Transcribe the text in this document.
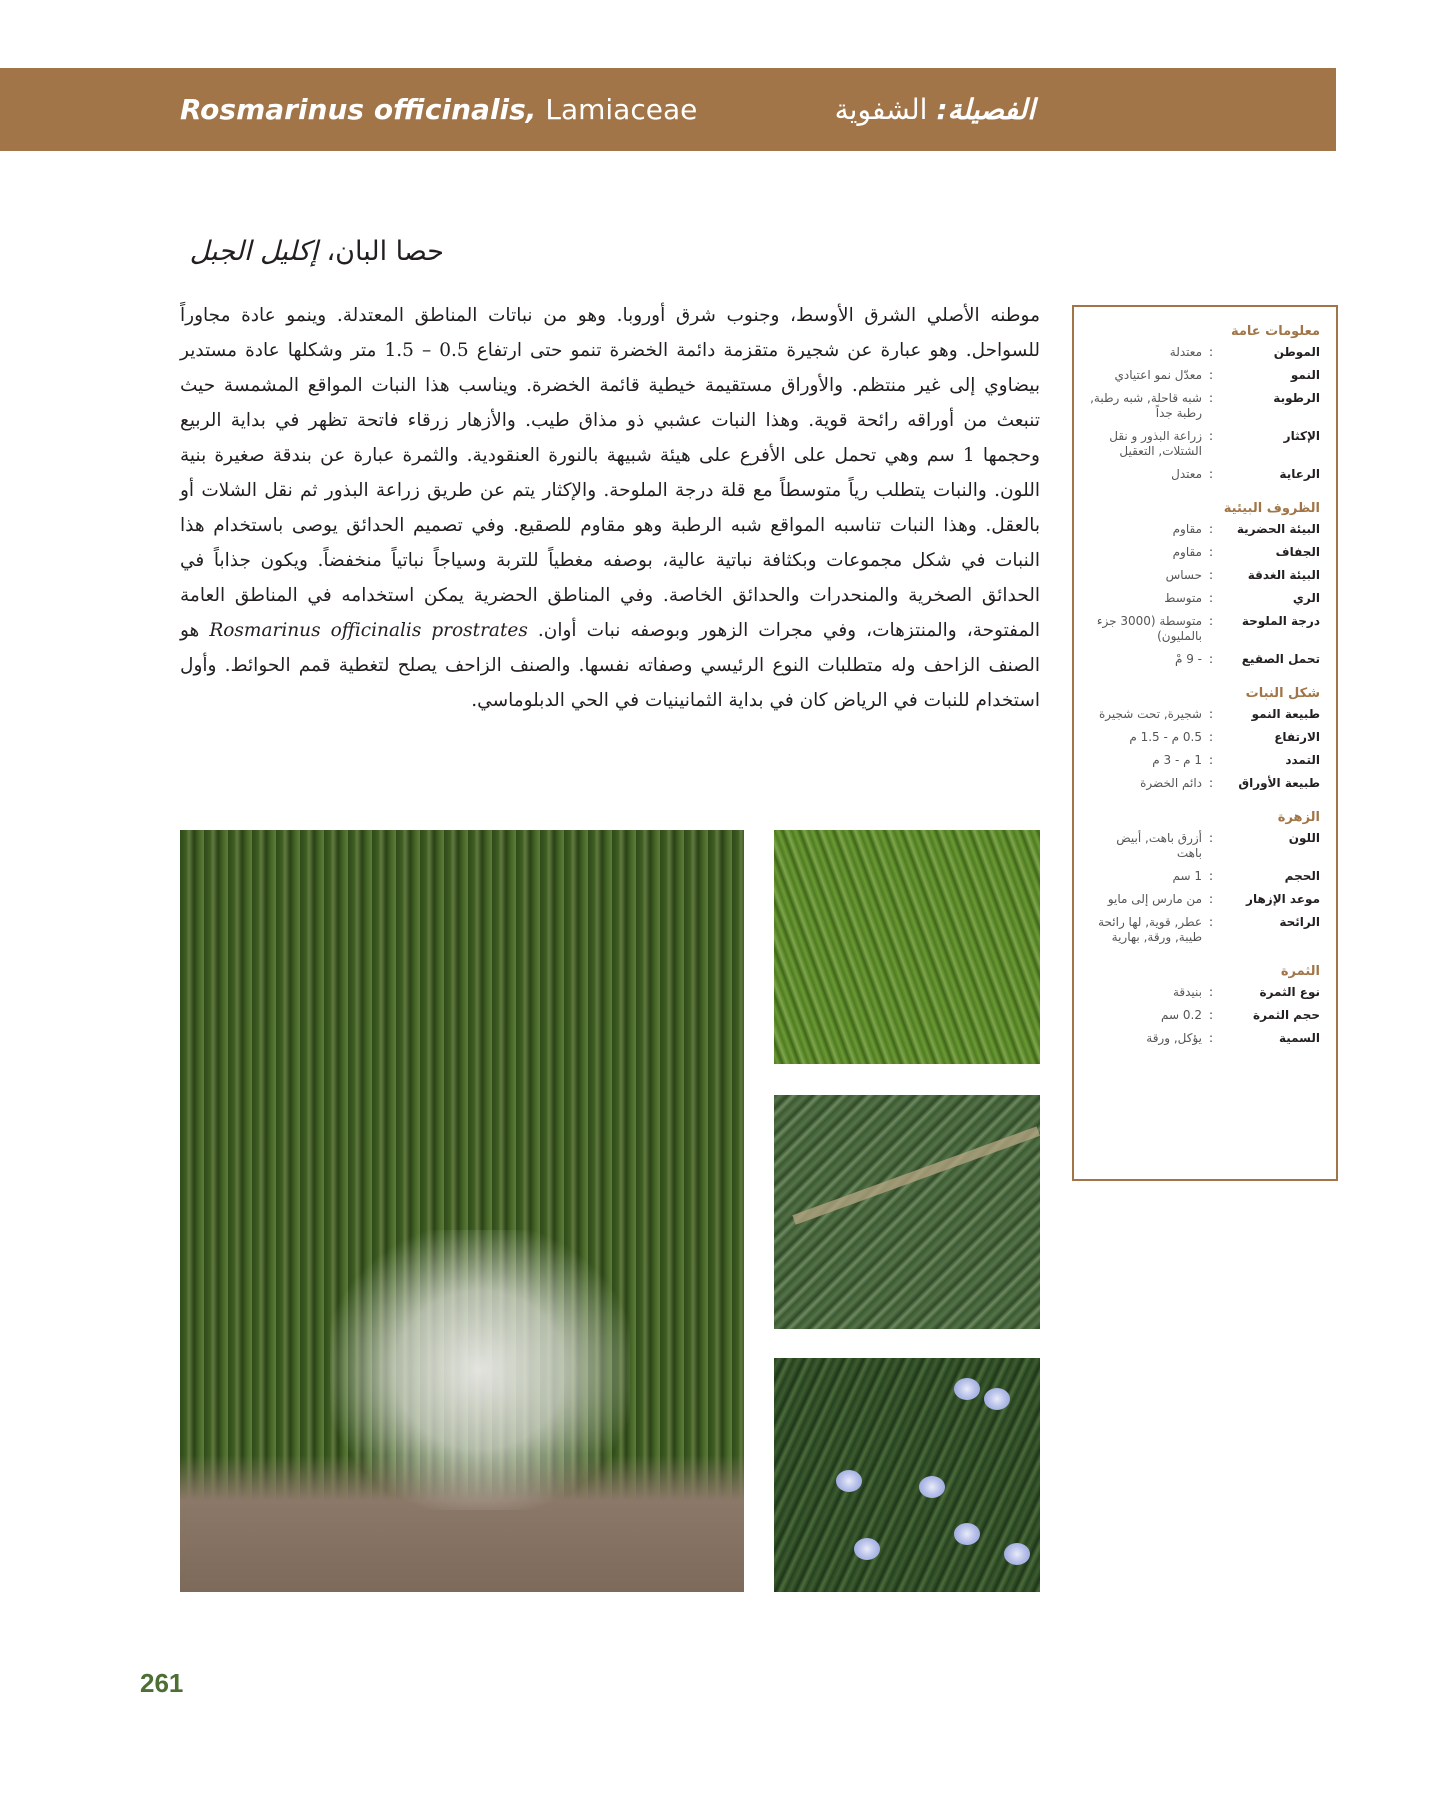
Rosmarinus officinalis, Lamiaceae	الفصيلة: الشفوية
حصا البان، إكليل الجبل
موطنه الأصلي الشرق الأوسط، وجنوب شرق أوروبا. وهو من نباتات المناطق المعتدلة. وينمو عادة مجاوراً للسواحل. وهو عبارة عن شجيرة متقزمة دائمة الخضرة تنمو حتى ارتفاع 0.5 – 1.5 متر وشكلها عادة مستدير بيضاوي إلى غير منتظم. والأوراق مستقيمة خيطية قائمة الخضرة. ويناسب هذا النبات المواقع المشمسة حيث تنبعث من أوراقه رائحة قوية. وهذا النبات عشبي ذو مذاق طيب. والأزهار زرقاء فاتحة تظهر في بداية الربيع وحجمها 1 سم وهي تحمل على الأفرع على هيئة شبيهة بالنورة العنقودية. والثمرة عبارة عن بندقة صغيرة بنية اللون. والنبات يتطلب رياً متوسطاً مع قلة درجة الملوحة. والإكثار يتم عن طريق زراعة البذور ثم نقل الشلات أو بالعقل. وهذا النبات تناسبه المواقع شبه الرطبة وهو مقاوم للصقيع. وفي تصميم الحدائق يوصى باستخدام هذا النبات في شكل مجموعات وبكثافة نباتية عالية، بوصفه مغطياً للتربة وسياجاً نباتياً منخفضاً. ويكون جذاباً في الحدائق الصخرية والمنحدرات والحدائق الخاصة. وفي المناطق الحضرية يمكن استخدامه في المناطق العامة المفتوحة، والمنتزهات، وفي مجرات الزهور وبوصفه نبات أوان. Rosmarinus officinalis prostrates هو الصنف الزاحف وله متطلبات النوع الرئيسي وصفاته نفسها. والصنف الزاحف يصلح لتغطية قمم الحوائط. وأول استخدام للنبات في الرياض كان في بداية الثمانينيات في الحي الدبلوماسي.
معلومات عامة
الموطن
:
معتدلة
النمو
:
معدّل نمو اعتيادي
الرطوبة
:
شبه قاحلة, شبه رطبة, رطبة جداً
الإكثار
:
زراعة البذور و نقل الشتلات, التعقيل
الرعاية
:
معتدل
الظروف البيئية
البيئة الحضرية
:
مقاوم
الجفاف
:
مقاوم
البيئة الغدقة
:
حساس
الري
:
متوسط
درجة الملوحة
:
متوسطة (3000 جزء بالمليون)
تحمل الصقيع
:
- 9 مْ
شكل النبات
طبيعة النمو
:
شجيرة, تحت شجيرة
الارتفاع
:
0.5 م - 1.5 م
التمدد
:
1 م - 3 م
طبيعة الأوراق
:
دائم الخضرة
الزهرة
اللون
:
أزرق باهت, أبيض باهت
الحجم
:
1 سم
موعد الإزهار
:
من مارس إلى مايو
الرائحة
:
عطر, قوية, لها رائحة طيبة, ورقة, بهارية
الثمرة
نوع الثمرة
:
بنيدقة
حجم الثمرة
:
0.2 سم
السمية
:
يؤكل, ورقة
261
